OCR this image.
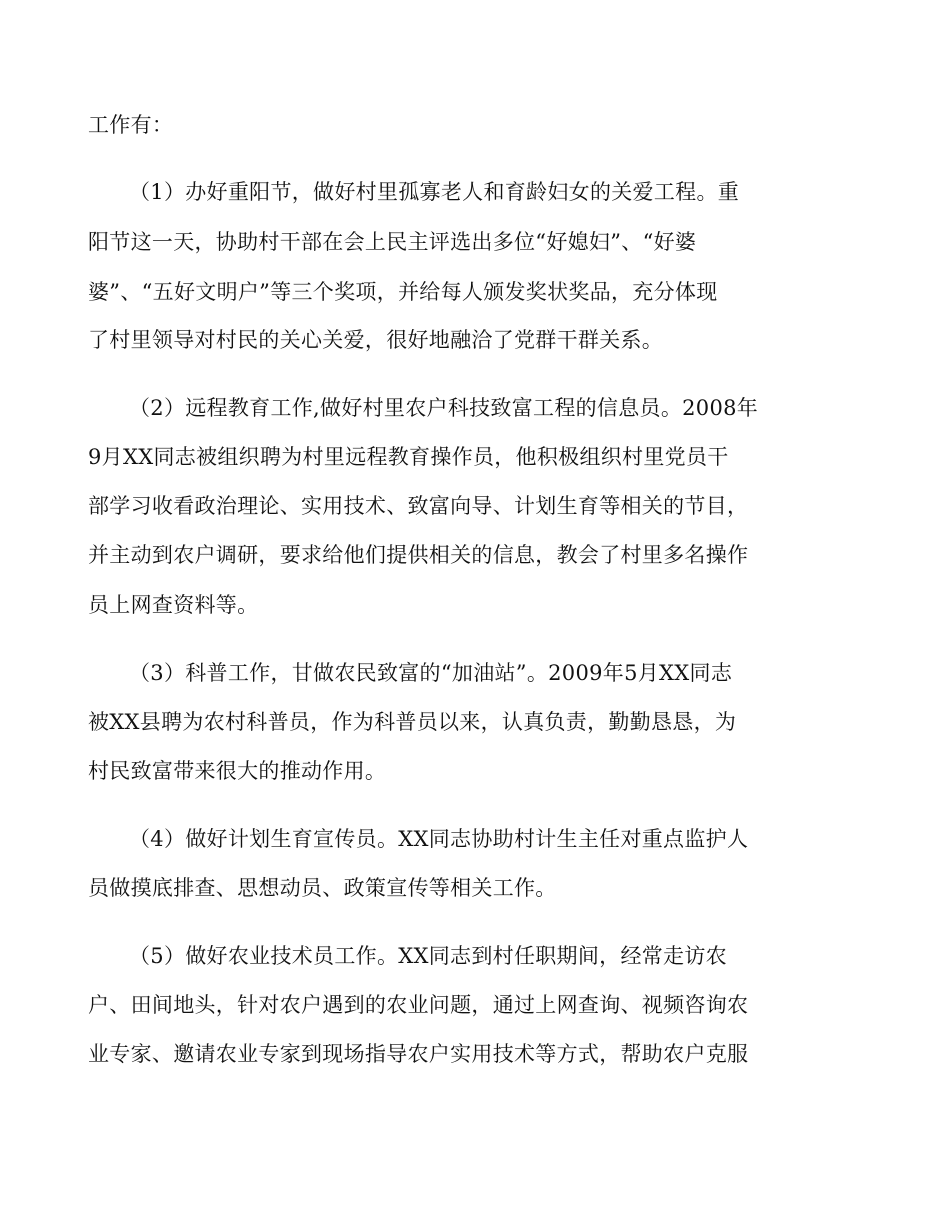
工作有：
（1）办好重阳节，做好村里孤寡老人和育龄妇女的关爱工程。重
阳节这一天，协助村干部在会上民主评选出多位“好媳妇”、“好婆
婆”、“五好文明户”等三个奖项，并给每人颁发奖状奖品，充分体现
了村里领导对村民的关心关爱，很好地融洽了党群干群关系。
（2）远程教育工作,做好村里农户科技致富工程的信息员。2008年
9月XX同志被组织聘为村里远程教育操作员，他积极组织村里党员干
部学习收看政治理论、实用技术、致富向导、计划生育等相关的节目，
并主动到农户调研，要求给他们提供相关的信息，教会了村里多名操作
员上网查资料等。
（3）科普工作，甘做农民致富的“加油站”。2009年5月XX同志
被XX县聘为农村科普员，作为科普员以来，认真负责，勤勤恳恳，为
村民致富带来很大的推动作用。
（4）做好计划生育宣传员。XX同志协助村计生主任对重点监护人
员做摸底排查、思想动员、政策宣传等相关工作。
（5）做好农业技术员工作。XX同志到村任职期间，经常走访农
户、田间地头，针对农户遇到的农业问题，通过上网查询、视频咨询农
业专家、邀请农业专家到现场指导农户实用技术等方式，帮助农户克服
